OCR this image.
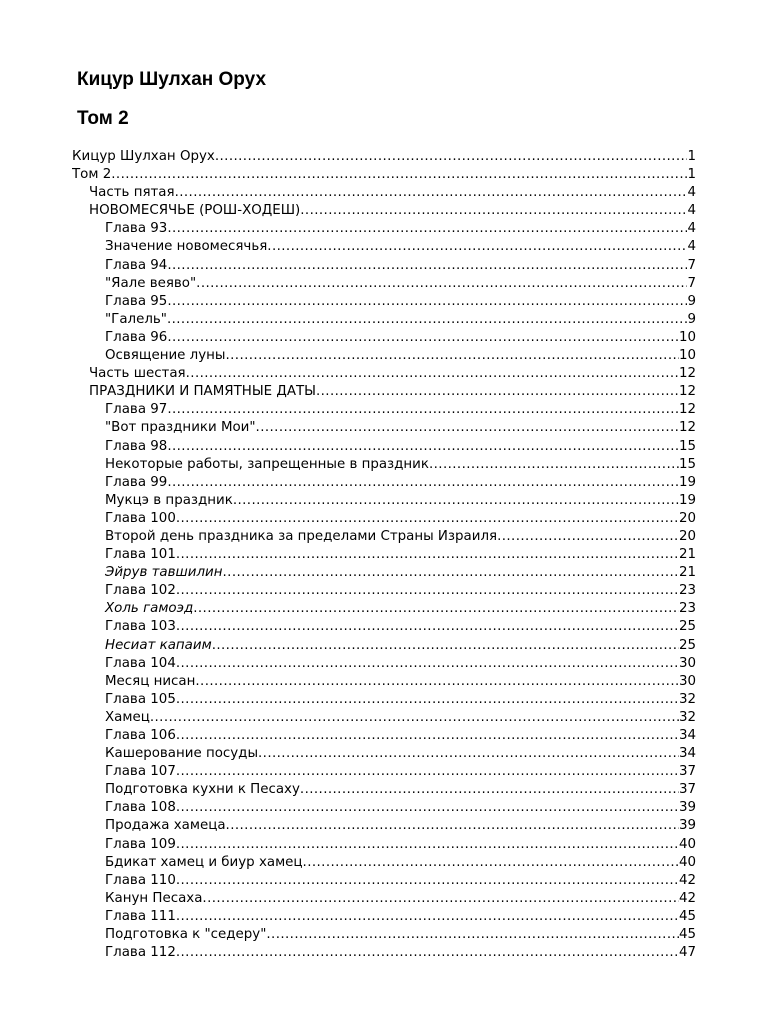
Кицур Шулхан Орух
Том 2
Кицур Шулхан Орух .....	1
Том 2 .....	1
Часть пятая .....	4
НОВОМЕСЯЧЬЕ (РОШ-ХОДЕШ) .....	4
Глава 93 .....	4
Значение новомесячья .....	4
Глава 94 .....	7
"Яале веяво" .....	7
Глава 95 .....	9
"Галель" .....	9
Глава 96 .....	10
Освящение луны .....	10
Часть шестая .....	12
ПРАЗДНИКИ И ПАМЯТНЫЕ ДАТЫ .....	12
Глава 97 .....	12
"Вот праздники Мои" .....	12
Глава 98 .....	15
Некоторые работы, запрещенные в праздник .....	15
Глава 99 .....	19
Мукцэ в праздник .....	19
Глава 100 .....	20
Второй день праздника за пределами Страны Израиля .....	20
Глава 101 .....	21
Эйрув тавшилин .....	21
Глава 102 .....	23
Холь гамоэд .....	23
Глава 103 .....	25
Несиат капаим .....	25
Глава 104 .....	30
Месяц нисан .....	30
Глава 105 .....	32
Хамец .....	32
Глава 106 .....	34
Кашерование посуды .....	34
Глава 107 .....	37
Подготовка кухни к Песаху .....	37
Глава 108 .....	39
Продажа хамеца .....	39
Глава 109 .....	40
Бдикат хамец и биур хамец .....	40
Глава 110 .....	42
Канун Песаха .....	42
Глава 111 .....	45
Подготовка к "седеру" .....	45
Глава 112 .....	47
